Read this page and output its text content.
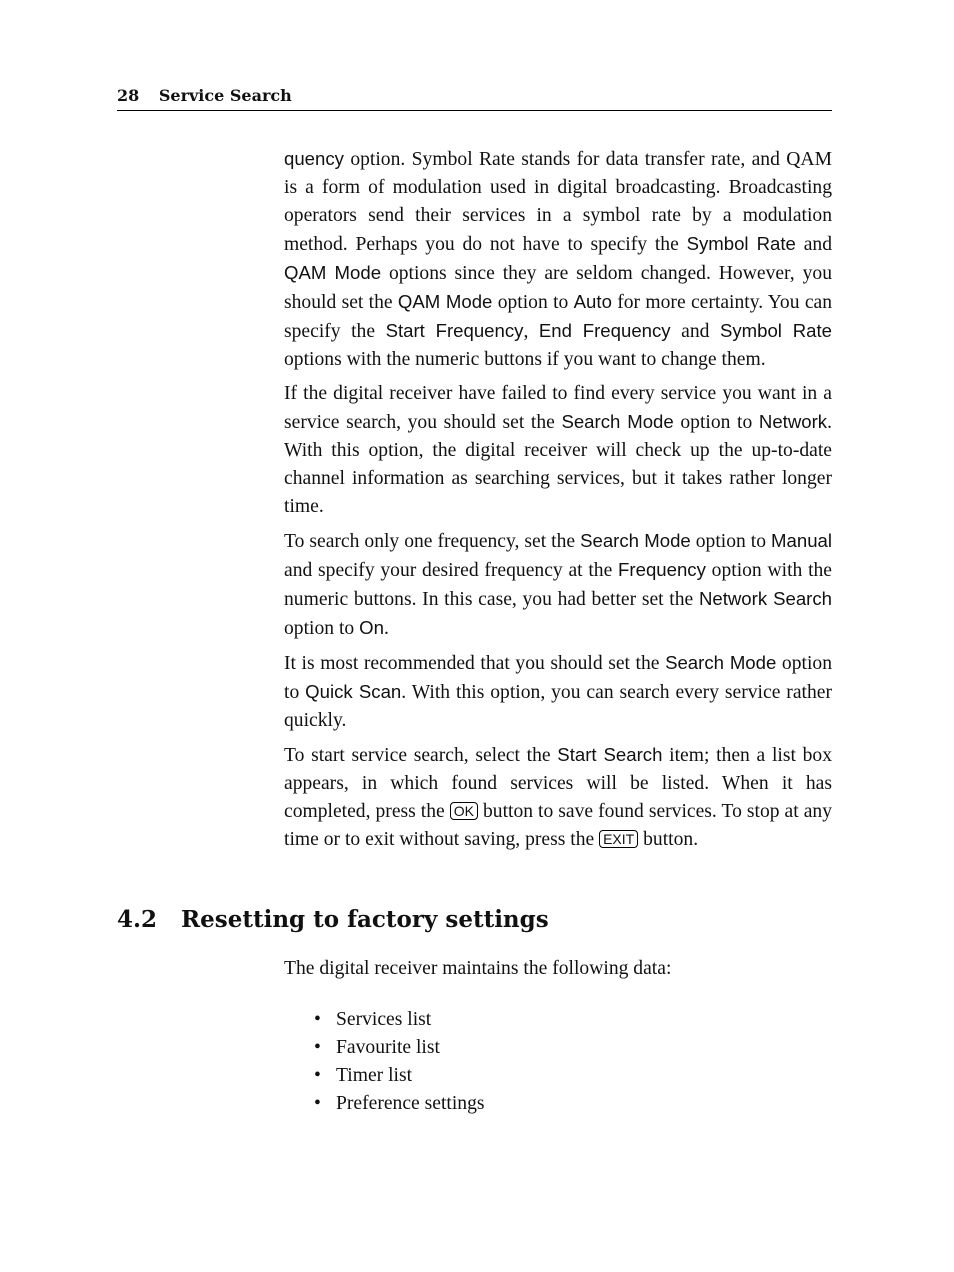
28 Service Search

quency option. Symbol Rate stands for data transfer rate, and QAM is a form of modulation used in digital broadcasting. Broadcasting operators send their services in a symbol rate by a modulation method. Perhaps you do not have to specify the Symbol Rate and QAM Mode options since they are seldom changed. However, you should set the QAM Mode option to Auto for more certainty. You can specify the Start Frequency, End Frequency and Symbol Rate options with the numeric buttons if you want to change them.

If the digital receiver have failed to find every service you want in a service search, you should set the Search Mode option to Network. With this option, the digital receiver will check up the up-to-date channel information as searching services, but it takes rather longer time.

To search only one frequency, set the Search Mode option to Manual and specify your desired frequency at the Frequency option with the numeric buttons. In this case, you had better set the Network Search option to On.

It is most recommended that you should set the Search Mode option to Quick Scan. With this option, you can search every service rather quickly.

To start service search, select the Start Search item; then a list box appears, in which found services will be listed. When it has completed, press the OK button to save found services. To stop at any time or to exit without saving, press the EXIT button.

4.2 Resetting to factory settings
The digital receiver maintains the following data:
• Services list
• Favourite list
• Timer list
• Preference settings
